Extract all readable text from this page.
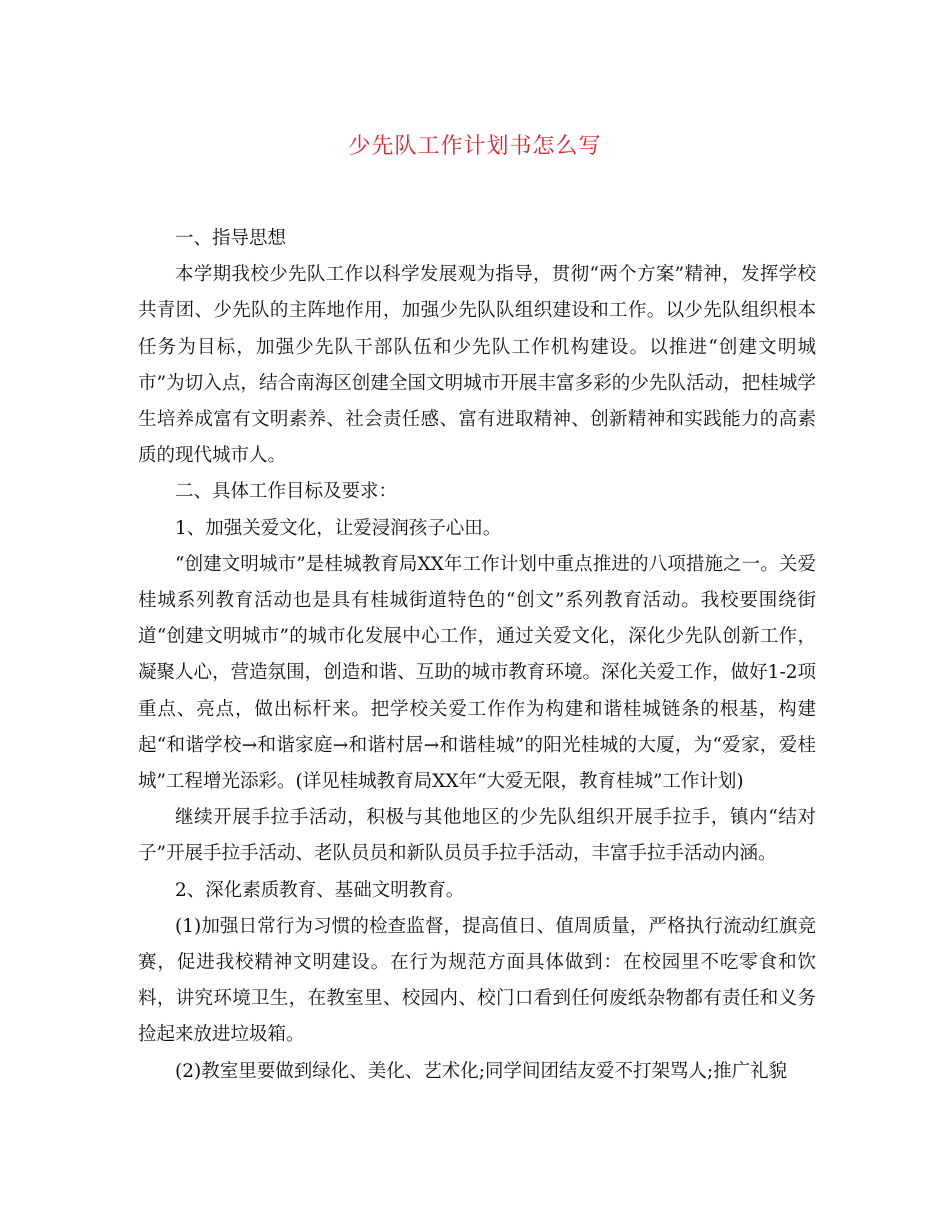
少先队工作计划书怎么写

一、指导思想

本学期我校少先队工作以科学发展观为指导，贯彻“两个方案”精神，发挥学校共青团、少先队的主阵地作用，加强少先队队组织建设和工作。以少先队组织根本任务为目标，加强少先队干部队伍和少先队工作机构建设。以推进“创建文明城市”为切入点，结合南海区创建全国文明城市开展丰富多彩的少先队活动，把桂城学生培养成富有文明素养、社会责任感、富有进取精神、创新精神和实践能力的高素质的现代城市人。

二、具体工作目标及要求：

1、加强关爱文化，让爱浸润孩子心田。

“创建文明城市”是桂城教育局XX年工作计划中重点推进的八项措施之一。关爱桂城系列教育活动也是具有桂城街道特色的“创文”系列教育活动。我校要围绕街道“创建文明城市”的城市化发展中心工作，通过关爱文化，深化少先队创新工作，凝聚人心，营造氛围，创造和谐、互助的城市教育环境。深化关爱工作，做好1-2项重点、亮点，做出标杆来。把学校关爱工作作为构建和谐桂城链条的根基，构建起“和谐学校→和谐家庭→和谐村居→和谐桂城”的阳光桂城的大厦，为“爱家，爱桂城”工程增光添彩。(详见桂城教育局XX年“大爱无限，教育桂城”工作计划)

继续开展手拉手活动，积极与其他地区的少先队组织开展手拉手，镇内“结对子”开展手拉手活动、老队员员和新队员员手拉手活动，丰富手拉手活动内涵。

2、深化素质教育、基础文明教育。

(1)加强日常行为习惯的检查监督，提高值日、值周质量，严格执行流动红旗竞赛，促进我校精神文明建设。在行为规范方面具体做到：在校园里不吃零食和饮料，讲究环境卫生，在教室里、校园内、校门口看到任何废纸杂物都有责任和义务捡起来放进垃圾箱。

(2)教室里要做到绿化、美化、艺术化;同学间团结友爱不打架骂人;推广礼貌
